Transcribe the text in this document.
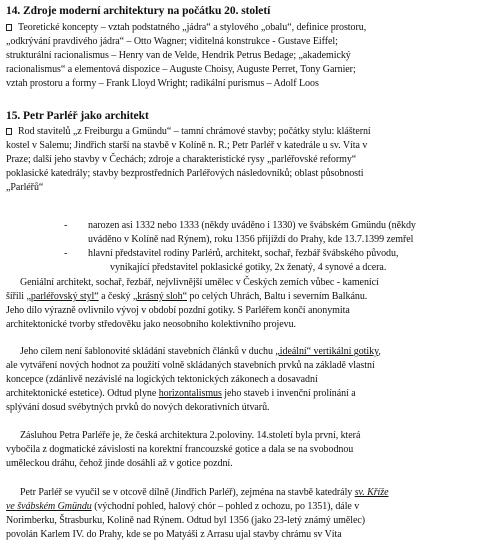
14. Zdroje moderní architektury na počátku 20. století
Teoretické koncepty – vztah podstatného „jádra“ a stylového „obalu“, definice prostoru,
„odkrývání pravdivého jádra“ – Otto Wagner; viditelná konstrukce - Gustave Eiffel;
strukturální racionalismus – Henry van de Velde, Hendrik Petrus Bedage; „akademický
racionalismus“ a elementová dispozice – Auguste Choisy, Auguste Perret, Tony Garnier;
vztah prostoru a formy – Frank Lloyd Wright; radikální purismus – Adolf Loos
15. Petr Parléř jako architekt
Rod stavitelů „z Freiburgu a Gmündu“ – tamní chrámové stavby; počátky stylu: klášterní
kostel v Salemu; Jindřich starší na stavbě v Kolíně n. R.; Petr Parléř v katedrále u sv. Víta v
Praze; další jeho stavby v Čechách; zdroje a charakteristické rysy „parléřovské reformy“
poklasické katedrály; stavby bezprostředních Parléřových následovníků; oblast působnosti
„Parléřů“
- narozen asi 1332 nebo 1333 (někdy uváděno i 1330) ve švábském Gmündu (někdy
uváděno v Kolíně nad Rýnem), roku 1356 přijíždí do Prahy, kde 13.7.1399 zemřel
- hlavní představitel rodiny Parlérů, architekt, sochař, řezbář švábského původu,
vynikající představitel poklasické gotiky, 2x ženatý, 4 synové a dcera.
Geniální architekt, sochař, řezbář, nejvlivnější umělec v Českých zemích vůbec - kamenící
šířili „parléřovský styl“ a český „krásný sloh“ po celých Uhrách, Baltu i severním Balkánu.
Jeho dílo výrazně ovlivnilo vývoj v období pozdní gotiky. S Parléřem končí anonymita
architektonické tvorby středověku jako neosobního kolektivního projevu.
Jeho cílem není šablonovité skládání stavebních článků v duchu „ideální“ vertikální gotiky,
ale vytváření nových hodnot za použití volně skládaných stavebních prvků na základě vlastní
koncepce (zdánlivě nezávislé na logických tektonických zákonech a dosavadní
architektonické estetice). Odtud plyne horizontalismus jeho staveb i invenční prolínání a
splývání dosud svébytných prvků do nových dekorativních útvarů.
Zásluhou Petra Parléře je, že česká architektura 2.poloviny. 14.století byla první, která
vybočila z dogmatické závislosti na korektní francouzské gotice a dala se na svobodnou
uměleckou dráhu, čehož jinde dosáhli až v gotice pozdní.
Petr Parléř se vyučil se v otcově dílně (Jindřich Parléř), zejména na stavbě katedrály sv. Kříže
ve švábském Gmündu (východní pohled, halový chór – pohled z ochozu, po 1351), dále v
Norimberku, Štrasburku, Kolíně nad Rýnem. Odtud byl 1356 (jako 23-letý známý umělec)
povolán Karlem IV. do Prahy, kde se po Matyáši z Arrasu ujal stavby chrámu sv Víta
